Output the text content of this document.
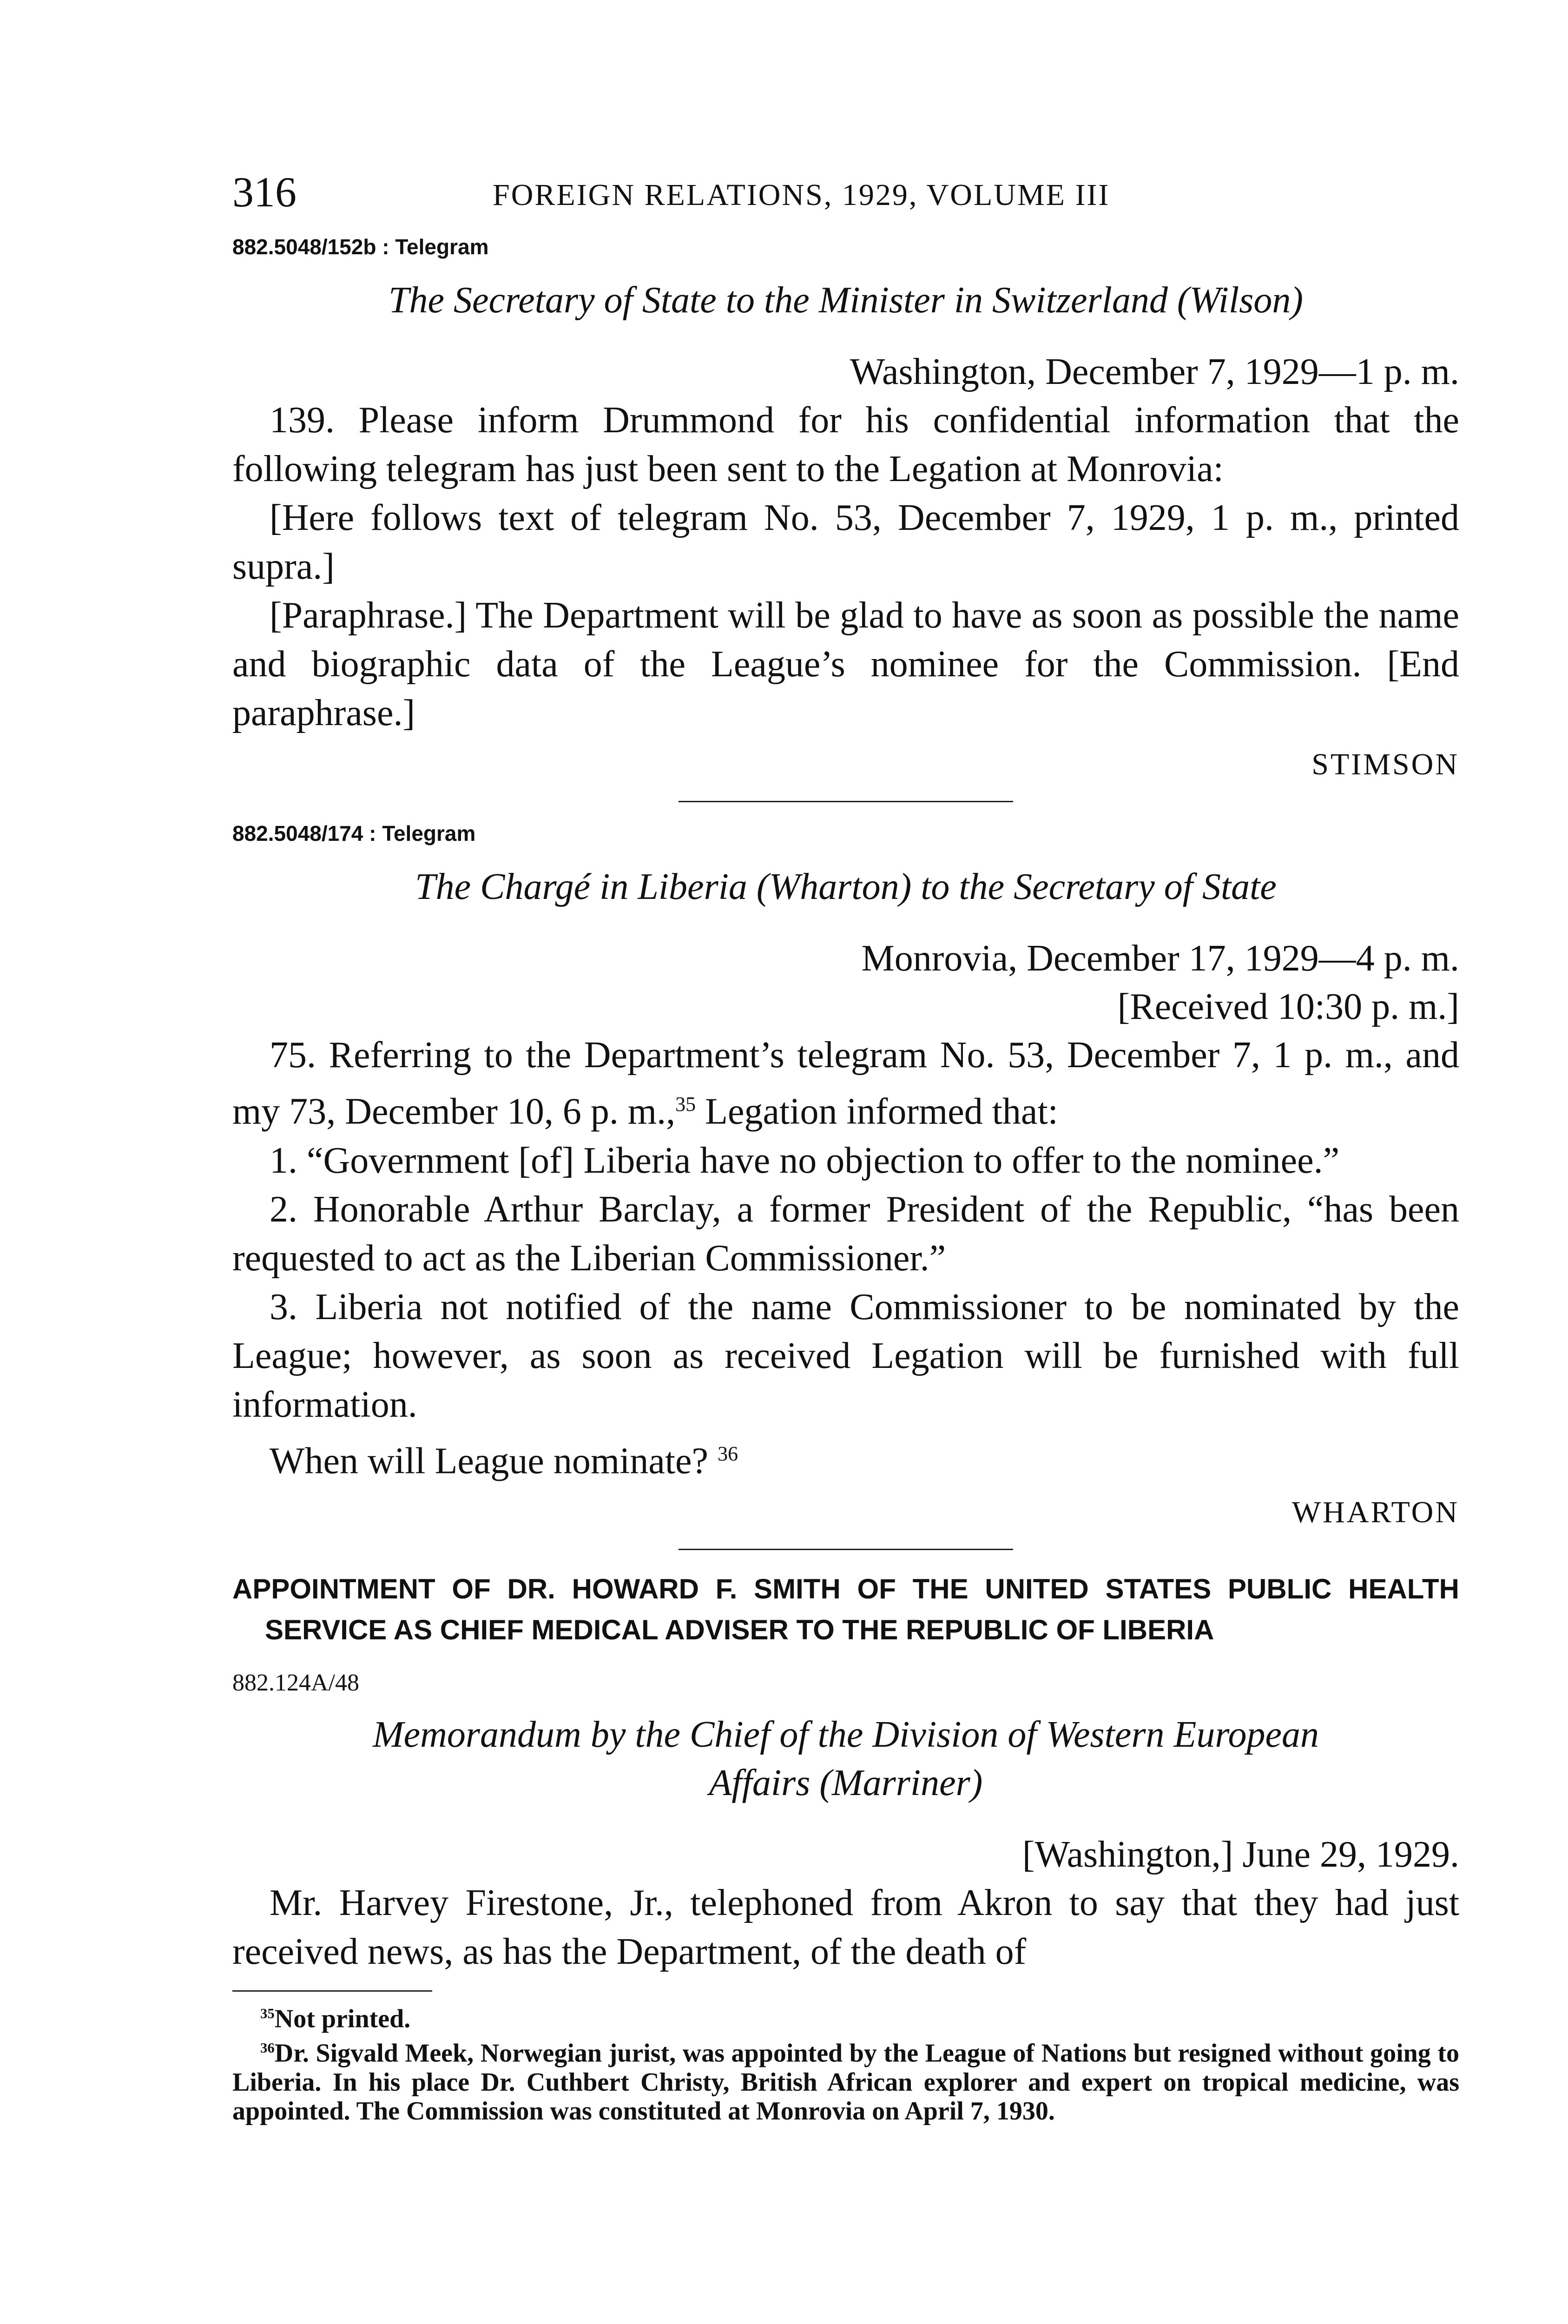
316	FOREIGN RELATIONS, 1929, VOLUME III
882.5048/152b : Telegram
The Secretary of State to the Minister in Switzerland (Wilson)
Washington, December 7, 1929—1 p. m.

139. Please inform Drummond for his confidential information that the following telegram has just been sent to the Legation at Monrovia:

[Here follows text of telegram No. 53, December 7, 1929, 1 p. m., printed supra.]

[Paraphrase.] The Department will be glad to have as soon as possible the name and biographic data of the League’s nominee for the Commission. [End paraphrase.]

STIMSON
882.5048/174 : Telegram
The Chargé in Liberia (Wharton) to the Secretary of State
Monrovia, December 17, 1929—4 p. m.
[Received 10:30 p. m.]

75. Referring to the Department’s telegram No. 53, December 7, 1 p. m., and my 73, December 10, 6 p. m.,$^{35}$ Legation informed that:

1. “Government [of] Liberia have no objection to offer to the nominee.”

2. Honorable Arthur Barclay, a former President of the Republic, “has been requested to act as the Liberian Commissioner.”

3. Liberia not notified of the name Commissioner to be nominated by the League; however, as soon as received Legation will be furnished with full information.

When will League nominate? $^{36}$

WHARTON
APPOINTMENT OF DR. HOWARD F. SMITH OF THE UNITED STATES PUBLIC HEALTH SERVICE AS CHIEF MEDICAL ADVISER TO THE REPUBLIC OF LIBERIA
882.124A/48
Memorandum by the Chief of the Division of Western European
Affairs (Marriner)
[Washington,] June 29, 1929.

Mr. Harvey Firestone, Jr., telephoned from Akron to say that they had just received news, as has the Department, of the death of

$^{35}$Not printed.

$^{36}$Dr. Sigvald Meek, Norwegian jurist, was appointed by the League of Nations but resigned without going to Liberia. In his place Dr. Cuthbert Christy, British African explorer and expert on tropical medicine, was appointed. The Commission was constituted at Monrovia on April 7, 1930.
